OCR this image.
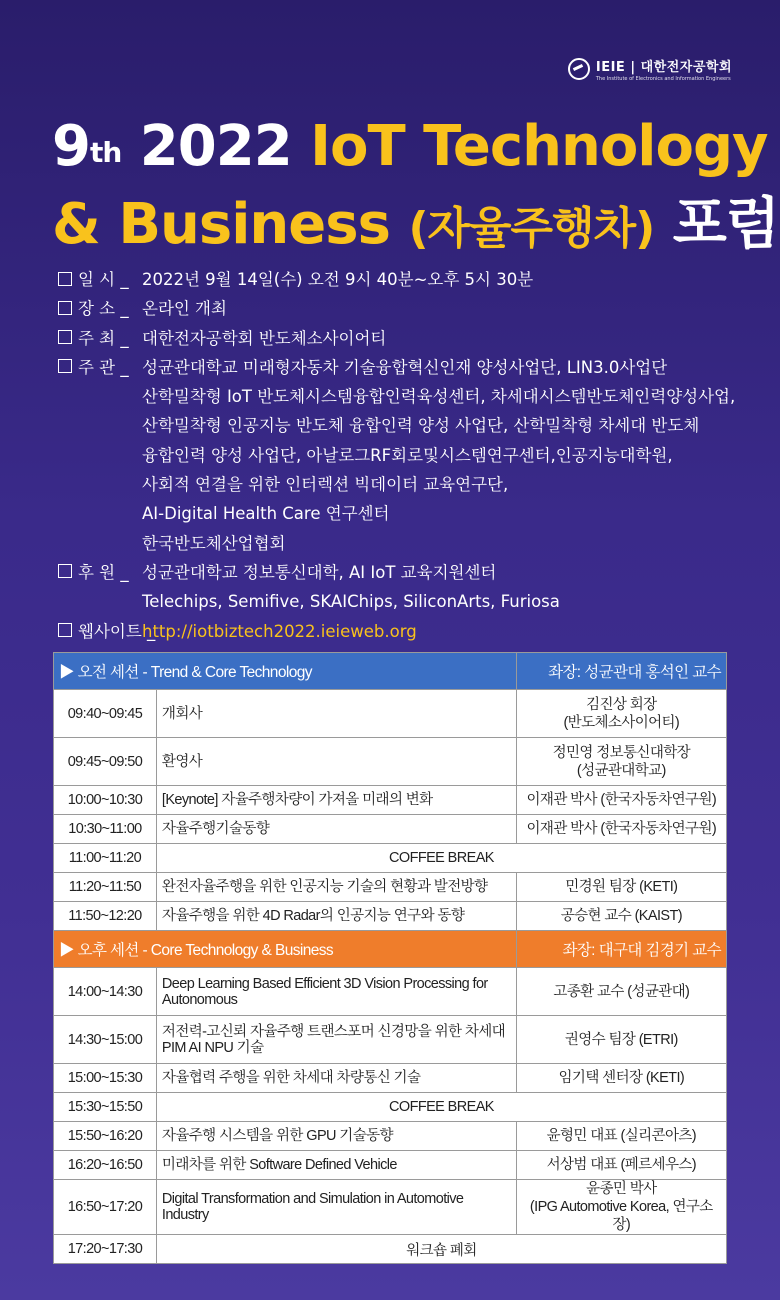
IEIE | 대한전자공학회
The Institute of Electronics and Information Engineers
9th 2022 IoT Technology
& Business (자율주행차) 포럼
일 시 _ 2022년 9월 14일(수) 오전 9시 40분~오후 5시 30분
장 소 _ 온라인 개최
주 최 _ 대한전자공학회 반도체소사이어티
주 관 _ 성균관대학교 미래형자동차 기술융합혁신인재 양성사업단, LIN3.0사업단
산학밀착형 IoT 반도체시스템융합인력육성센터, 차세대시스템반도체인력양성사업,
산학밀착형 인공지능 반도체 융합인력 양성 사업단, 산학밀착형 차세대 반도체
융합인력 양성 사업단, 아날로그RF회로및시스템연구센터,인공지능대학원,
사회적 연결을 위한 인터렉션 빅데이터 교육연구단,
AI-Digital Health Care 연구센터
한국반도체산업협회
후 원 _ 성균관대학교 정보통신대학, AI IoT 교육지원센터
Telechips, Semifive, SKAIChips, SiliconArts, Furiosa
웹사이트 _
http://iotbiztech2022.ieieweb.org
▶ 오전 세션 - Trend & Core Technology		좌장: 성균관대 홍석인 교수
09:40~09:45	개회사	김진상 회장
(반도체소사이어티)

09:45~09:50	환영사	정민영 정보통신대학장
(성균관대학교)

10:00~10:30	[Keynote] 자율주행차량이 가져올 미래의 변화	이재관 박사 (한국자동차연구원)
10:30~11:00	자율주행기술동향	이재관 박사 (한국자동차연구원)
11:00~11:20	COFFEE BREAK	
11:20~11:50	완전자율주행을 위한 인공지능 기술의 현황과 발전방향	민경원 팀장 (KETI)
11:50~12:20	자율주행을 위한 4D Radar의 인공지능 연구와 동향	공승현 교수 (KAIST)
▶ 오후 세션 - Core Technology & Business		좌장: 대구대 김경기 교수
14:00~14:30	Deep Learning Based Efficient 3D Vision Processing for Autonomous	고종환 교수 (성균관대)
14:30~15:00	저전력-고신뢰 자율주행 트랜스포머 신경망을 위한 차세대 PIM AI NPU 기술	권영수 팀장 (ETRI)
15:00~15:30	자율협력 주행을 위한 차세대 차량통신 기술	임기택 센터장 (KETI)
15:30~15:50	COFFEE BREAK	
15:50~16:20	자율주행 시스템을 위한 GPU 기술동향	윤형민 대표 (실리콘아츠)
16:20~16:50	미래차를 위한 Software Defined Vehicle	서상범 대표 (페르세우스)
16:50~17:20	Digital Transformation and Simulation in Automotive Industry	윤종민 박사
(IPG Automotive Korea, 연구소장)

17:20~17:30	워크숍 폐회	
